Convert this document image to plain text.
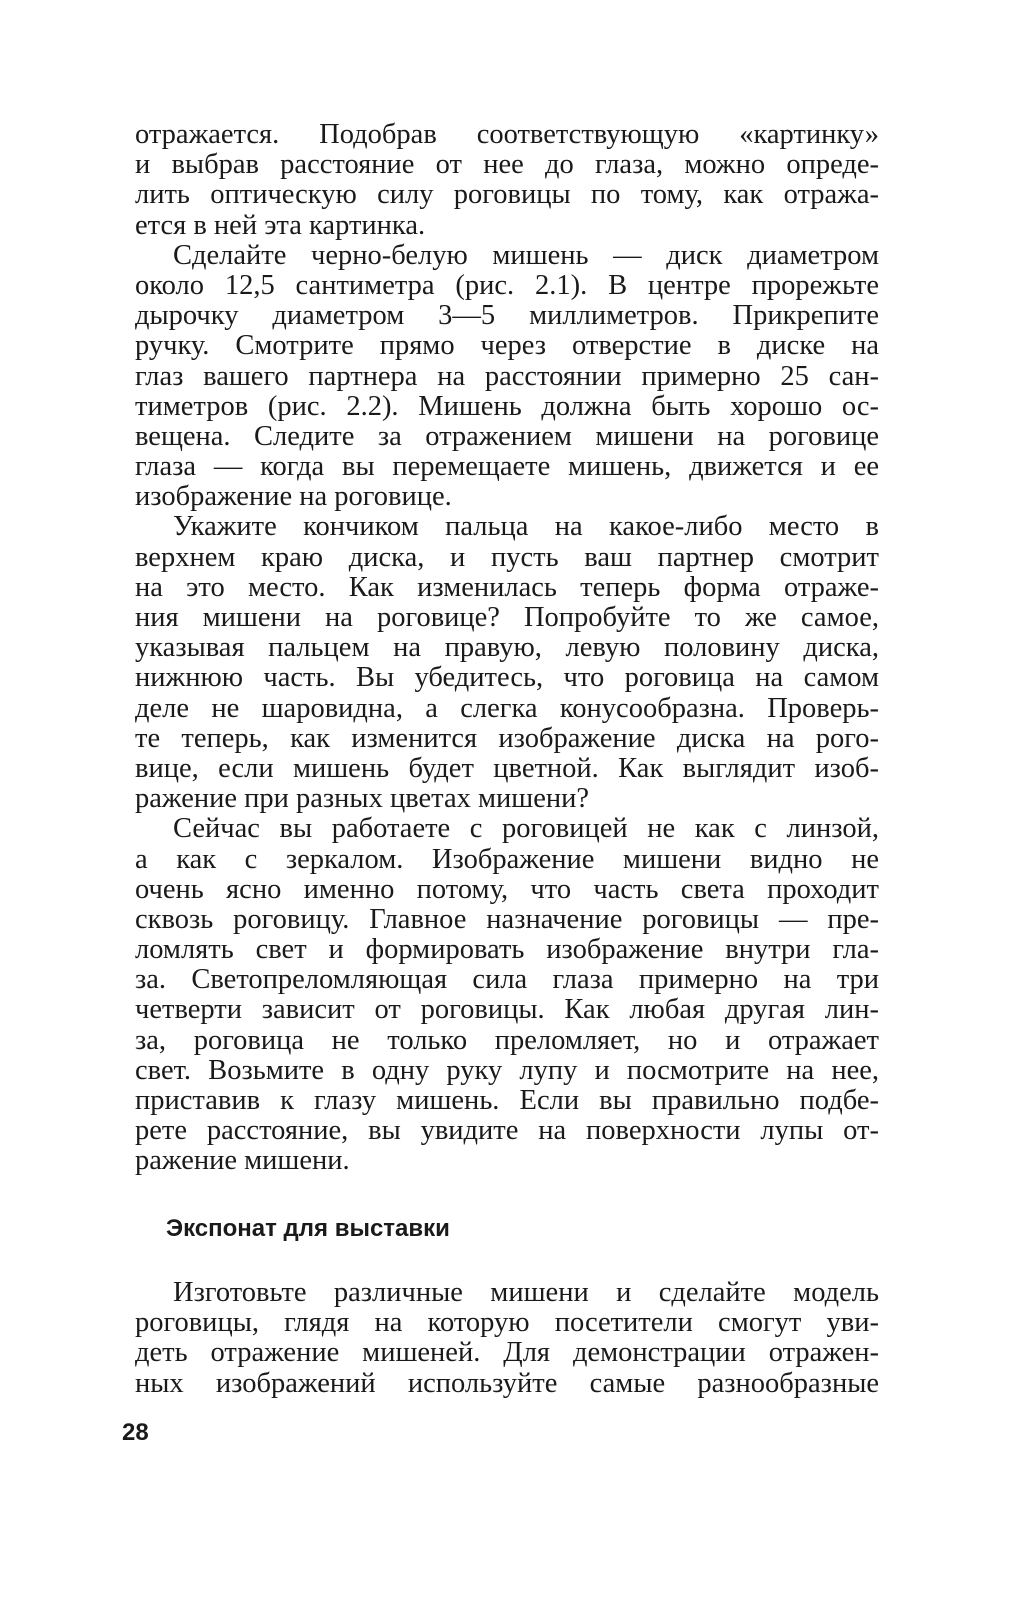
отражается. Подобрав соответствующую «картинку»
и выбрав расстояние от нее до глаза, можно опреде-
лить оптическую силу роговицы по тому, как отража-
ется в ней эта картинка.
Сделайте черно-белую мишень — диск диаметром
около 12,5 сантиметра (рис. 2.1). В центре прорежьте
дырочку диаметром 3—5 миллиметров. Прикрепите
ручку. Смотрите прямо через отверстие в диске на
глаз вашего партнера на расстоянии примерно 25 сан-
тиметров (рис. 2.2). Мишень должна быть хорошо ос-
вещена. Следите за отражением мишени на роговице
глаза — когда вы перемещаете мишень, движется и ее
изображение на роговице.
Укажите кончиком пальца на какое-либо место в
верхнем краю диска, и пусть ваш партнер смотрит
на это место. Как изменилась теперь форма отраже-
ния мишени на роговице? Попробуйте то же самое,
указывая пальцем на правую, левую половину диска,
нижнюю часть. Вы убедитесь, что роговица на самом
деле не шаровидна, а слегка конусообразна. Проверь-
те теперь, как изменится изображение диска на рого-
вице, если мишень будет цветной. Как выглядит изоб-
ражение при разных цветах мишени?
Сейчас вы работаете с роговицей не как с линзой,
а как с зеркалом. Изображение мишени видно не
очень ясно именно потому, что часть света проходит
сквозь роговицу. Главное назначение роговицы — пре-
ломлять свет и формировать изображение внутри гла-
за. Светопреломляющая сила глаза примерно на три
четверти зависит от роговицы. Как любая другая лин-
за, роговица не только преломляет, но и отражает
свет. Возьмите в одну руку лупу и посмотрите на нее,
приставив к глазу мишень. Если вы правильно подбе-
рете расстояние, вы увидите на поверхности лупы от-
ражение мишени.
Экспонат для выставки
Изготовьте различные мишени и сделайте модель
роговицы, глядя на которую посетители смогут уви-
деть отражение мишеней. Для демонстрации отражен-
ных изображений используйте самые разнообразные
28
